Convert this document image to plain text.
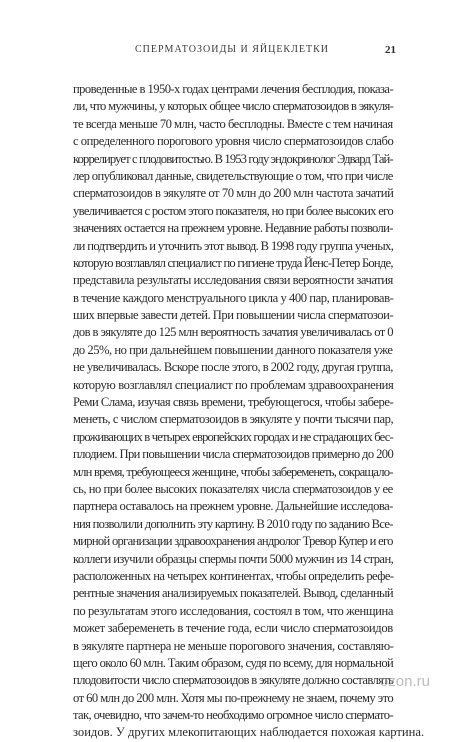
СПЕРМАТОЗОИДЫ И ЯЙЦЕКЛЕТКИ	21
проведенные в 1950-х годах центрами лечения бесплодия, показа-
ли, что мужчины, у которых общее число сперматозоидов в эякуля-
те всегда меньше 70 млн, часто бесплодны. Вместе с тем начиная
с определенного порогового уровня число сперматозоидов слабо
коррелирует с плодовитостью. В 1953 году эндокринолог Эдвард Тай-
лер опубликовал данные, свидетельствующие о том, что при числе
сперматозоидов в эякуляте от 70 млн до 200 млн частота зачатий
увеличивается с ростом этого показателя, но при более высоких его
значениях остается на прежнем уровне. Недавние работы позволи-
ли подтвердить и уточнить этот вывод. В 1998 году группа ученых,
которую возглавлял специалист по гигиене труда Йенс-Петер Бонде,
представила результаты исследования связи вероятности зачатия
в течение каждого менструального цикла у 400 пар, планировав-
ших впервые завести детей. При повышении числа сперматозои-
дов в эякуляте до 125 млн вероятность зачатия увеличивалась от 0
до 25%, но при дальнейшем повышении данного показателя уже
не увеличивалась. Вскоре после этого, в 2002 году, другая группа,
которую возглавлял специалист по проблемам здравоохранения
Реми Слама, изучая связь времени, требующегося, чтобы забере-
менеть, с числом сперматозоидов в эякуляте у почти тысячи пар,
проживающих в четырех европейских городах и не страдающих бес-
плодием. При повышении числа сперматозоидов примерно до 200
млн время, требующееся женщине, чтобы забеременеть, сокращало-
сь, но при более высоких показателях числа сперматозоидов у ее
партнера оставалось на прежнем уровне. Дальнейшие исследова-
ния позволили дополнить эту картину. В 2010 году по заданию Все-
мирной организации здравоохранения андролог Тревор Купер и его
коллеги изучили образцы спермы почти 5000 мужчин из 14 стран,
расположенных на четырех континентах, чтобы определить рефе-
рентные значения анализируемых показателей. Вывод, сделанный
по результатам этого исследования, состоял в том, что женщина
может забеременеть в течение года, если число сперматозоидов
в эякуляте партнера не меньше порогового значения, составляю-
щего около 60 млн. Таким образом, судя по всему, для нормальной
плодовитости число сперматозоидов в эякуляте должно составлять
от 60 млн до 200 млн. Хотя мы по-прежнему не знаем, почему это
так, очевидно, что зачем-то необходимо огромное число спермато-
зоидов. У других млекопитающих наблюдается похожая картина.
ozon.ru
